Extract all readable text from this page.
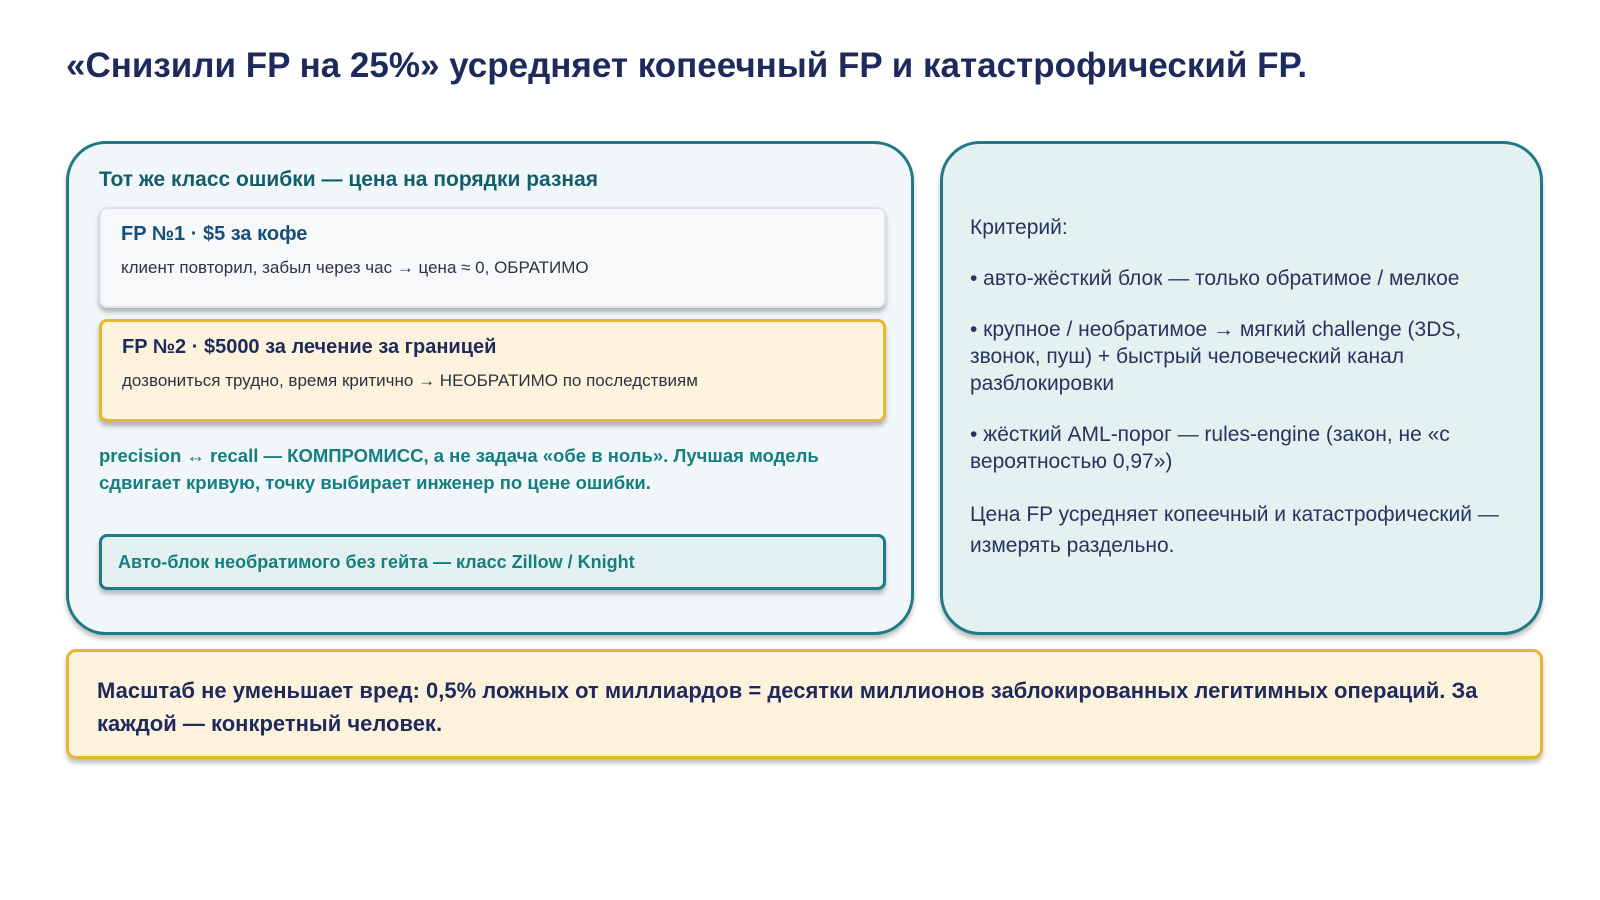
«Снизили FP на 25%» усредняет копеечный FP и катастрофический FP.
Тот же класс ошибки — цена на порядки разная
FP №1 · $5 за кофе
клиент повторил, забыл через час → цена ≈ 0, ОБРАТИМО
FP №2 · $5000 за лечение за границей
дозвониться трудно, время критично → НЕОБРАТИМО по последствиям
precision ↔ recall — КОМПРОМИСС, а не задача «обе в ноль». Лучшая модель сдвигает кривую, точку выбирает инженер по цене ошибки.
Авто-блок необратимого без гейта — класс Zillow / Knight

Критерий:

• авто-жёсткий блок — только обратимое / мелкое

• крупное / необратимое → мягкий challenge (3DS, звонок, пуш) + быстрый человеческий канал разблокировки

• жёсткий AML-порог — rules-engine (закон, не «с вероятностью 0,97»)

Цена FP усредняет копеечный и катастрофический — измерять раздельно.

Масштаб не уменьшает вред: 0,5% ложных от миллиардов = десятки миллионов заблокированных легитимных операций. За каждой — конкретный человек.
